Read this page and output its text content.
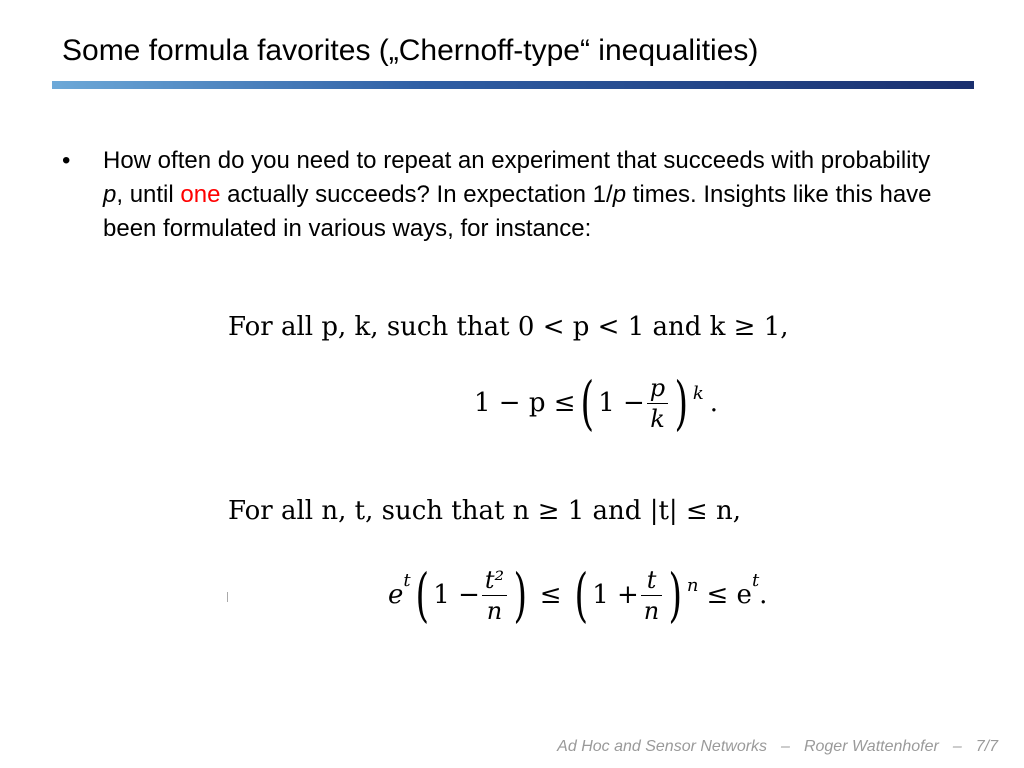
Some formula favorites („Chernoff-type“ inequalities)
• How often do you need to repeat an experiment that succeeds with probability p, until one actually succeeds? In expectation 1/p times. Insights like this have been formulated in various ways, for instance:
For all p, k, such that 0 < p < 1 and k ≥ 1,
1 − p ≤ ( $1 - \frac{p}{k}$ ) $^k$ .
For all n, t, such that n ≥ 1 and |t| ≤ n,
$e^t$ ( $1 - \frac{\text{t²}}{n}$ ) ≤ ( $1 + \frac{t}{n}$ ) $^n \le e^t$.
Ad Hoc and Sensor Networks – Roger Wattenhofer – 7/7
